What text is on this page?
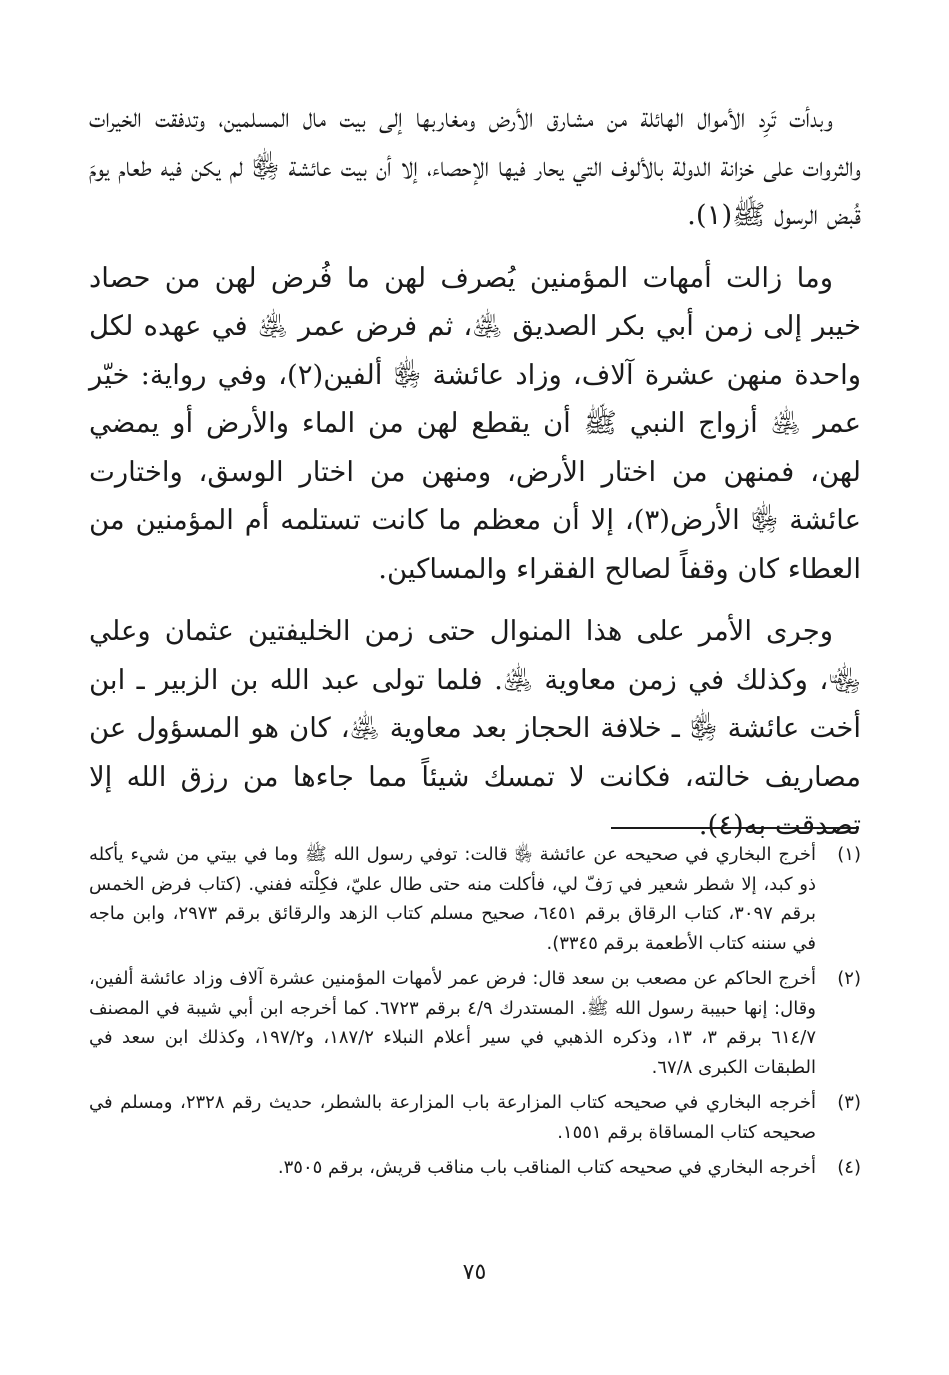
وبدأت تَرِد الأموال الهائلة من مشارق الأرض ومغاربها إلى بيت مال المسلمين، وتدفقت الخيرات والثروات على خزانة الدولة بالألوف التي يحار فيها الإحصاء، إلا أن بيت عائشة ﵂ لم يكن فيه طعام يومَ قُبض الرسول ﷺ(١).

وما زالت أمهات المؤمنين يُصرف لهن ما فُرض لهن من حصاد خيبر إلى زمن أبي بكر الصديق ﵁، ثم فرض عمر ﵁ في عهده لكل واحدة منهن عشرة آلاف، وزاد عائشة ﵂ ألفين(٢)، وفي رواية: خيّر عمر ﵁ أزواج النبي ﷺ أن يقطع لهن من الماء والأرض أو يمضي لهن، فمنهن من اختار الأرض، ومنهن من اختار الوسق، واختارت عائشة ﵂ الأرض(٣)، إلا أن معظم ما كانت تستلمه أم المؤمنين من العطاء كان وقفاً لصالح الفقراء والمساكين.

وجرى الأمر على هذا المنوال حتى زمن الخليفتين عثمان وعلي ﵄، وكذلك في زمن معاوية ﵁. فلما تولى عبد الله بن الزبير ـ ابن أخت عائشة ﵂ ـ خلافة الحجاز بعد معاوية ﵁، كان هو المسؤول عن مصاريف خالته، فكانت لا تمسك شيئاً مما جاءها من رزق الله إلا تصدقت به(٤).

(١)
أخرج البخاري في صحيحه عن عائشة ﵂ قالت: توفي رسول الله ﷺ وما في بيتي من شيء يأكله ذو كبد، إلا شطر شعير في رَفّ لي، فأكلت منه حتى طال عليّ، فكِلْته ففني. (كتاب فرض الخمس برقم ٣٠٩٧، كتاب الرقاق برقم ٦٤٥١، صحيح مسلم كتاب الزهد والرقائق برقم ٢٩٧٣، وابن ماجه في سننه كتاب الأطعمة برقم ٣٣٤٥).
(٢)
أخرج الحاكم عن مصعب بن سعد قال: فرض عمر لأمهات المؤمنين عشرة آلاف وزاد عائشة ألفين، وقال: إنها حبيبة رسول الله ﷺ. المستدرك ٤/٩ برقم ٦٧٢٣. كما أخرجه ابن أبي شيبة في المصنف ٦١٤/٧ برقم ٣، ١٣، وذكره الذهبي في سير أعلام النبلاء ١٨٧/٢، و١٩٧/٢، وكذلك ابن سعد في الطبقات الكبرى ٦٧/٨.
(٣)
أخرجه البخاري في صحيحه كتاب المزارعة باب المزارعة بالشطر، حديث رقم ٢٣٢٨، ومسلم في صحيحه كتاب المساقاة برقم ١٥٥١.
(٤)
أخرجه البخاري في صحيحه كتاب المناقب باب مناقب قريش، برقم ٣٥٠٥.
٧٥
